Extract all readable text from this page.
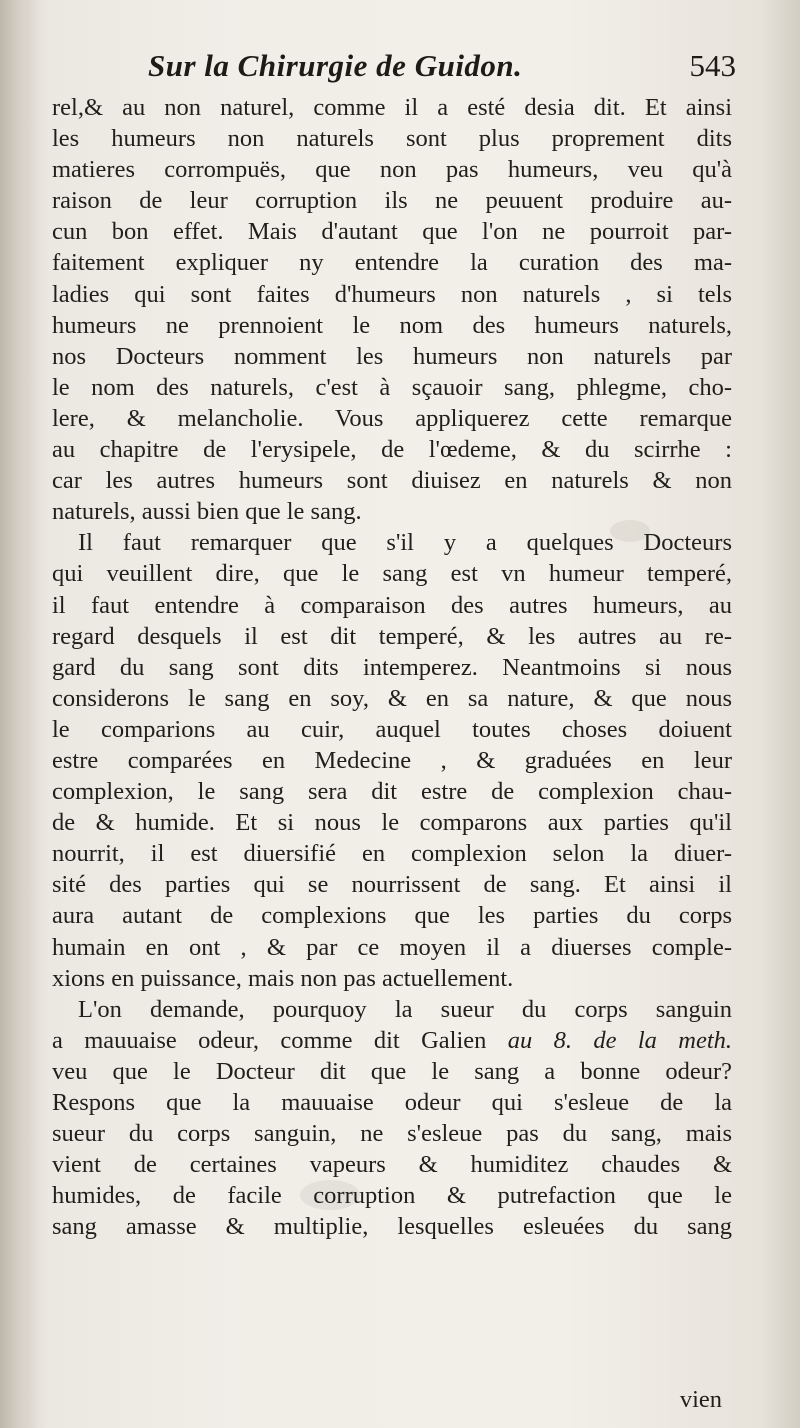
Sur la Chirurgie de Guidon.	543
rel,& au non naturel, comme il a esté desia dit. Et ainsi
les humeurs non naturels sont plus proprement dits
matieres corrompuës, que non pas humeurs, veu qu'à
raison de leur corruption ils ne peuuent produire au-
cun bon effet. Mais d'autant que l'on ne pourroit par-
faitement expliquer ny entendre la curation des ma-
ladies qui sont faites d'humeurs non naturels , si tels
humeurs ne prennoient le nom des humeurs naturels,
nos Docteurs nomment les humeurs non naturels par
le nom des naturels, c'est à sçauoir sang, phlegme, cho-
lere, & melancholie. Vous appliquerez cette remarque
au chapitre de l'erysipele, de l'œdeme, & du scirrhe :
car les autres humeurs sont diuisez en naturels & non
naturels, aussi bien que le sang.
Il faut remarquer que s'il y a quelques Docteurs
qui veuillent dire, que le sang est vn humeur temperé,
il faut entendre à comparaison des autres humeurs, au
regard desquels il est dit temperé, & les autres au re-
gard du sang sont dits intemperez. Neantmoins si nous
considerons le sang en soy, & en sa nature, & que nous
le comparions au cuir, auquel toutes choses doiuent
estre comparées en Medecine , & graduées en leur
complexion, le sang sera dit estre de complexion chau-
de & humide. Et si nous le comparons aux parties qu'il
nourrit, il est diuersifié en complexion selon la diuer-
sité des parties qui se nourrissent de sang. Et ainsi il
aura autant de complexions que les parties du corps
humain en ont , & par ce moyen il a diuerses comple-
xions en puissance, mais non pas actuellement.
L'on demande, pourquoy la sueur du corps sanguin
a mauuaise odeur, comme dit Galien au 8. de la meth.
veu que le Docteur dit que le sang a bonne odeur?
Respons que la mauuaise odeur qui s'esleue de la
sueur du corps sanguin, ne s'esleue pas du sang, mais
vient de certaines vapeurs & humiditez chaudes &
humides, de facile corruption & putrefaction que le
sang amasse & multiplie, lesquelles esleuées du sang
vien
